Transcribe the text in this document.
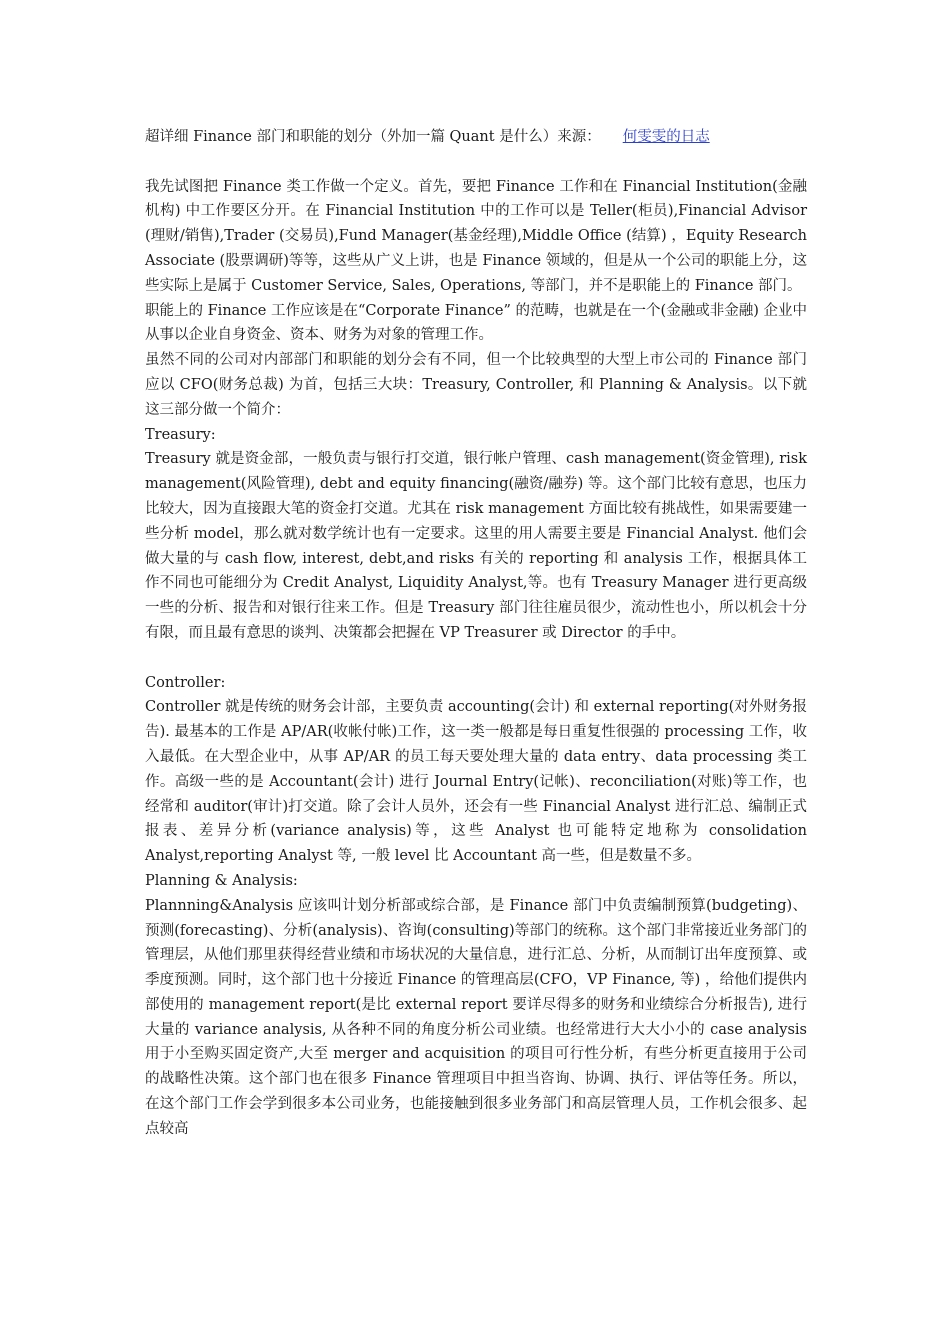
超详细 Finance 部门和职能的划分（外加一篇 Quant 是什么）来源： 何雯雯的日志

我先试图把 Finance 类工作做一个定义。首先，要把 Finance 工作和在 Financial Institution(金融机构) 中工作要区分开。在 Financial Institution 中的工作可以是 Teller(柜员),Financial Advisor (理财/销售),Trader (交易员),Fund Manager(基金经理),Middle Office (结算) ，Equity Research Associate (股票调研)等等，这些从广义上讲，也是 Finance 领域的，但是从一个公司的职能上分，这些实际上是属于 Customer Service, Sales, Operations, 等部门，并不是职能上的 Finance 部门。

职能上的 Finance 工作应该是在“Corporate Finance” 的范畴，也就是在一个(金融或非金融) 企业中从事以企业自身资金、资本、财务为对象的管理工作。

虽然不同的公司对内部部门和职能的划分会有不同，但一个比较典型的大型上市公司的 Finance 部门应以 CFO(财务总裁) 为首，包括三大块：Treasury, Controller, 和 Planning & Analysis。以下就这三部分做一个简介：

Treasury:

Treasury 就是资金部，一般负责与银行打交道，银行帐户管理、cash management(资金管理), risk management(风险管理), debt and equity financing(融资/融券) 等。这个部门比较有意思，也压力比较大，因为直接跟大笔的资金打交道。尤其在 risk management 方面比较有挑战性，如果需要建一些分析 model，那么就对数学统计也有一定要求。这里的用人需要主要是 Financial Analyst. 他们会做大量的与 cash flow, interest, debt,and risks 有关的 reporting 和 analysis 工作，根据具体工作不同也可能细分为 Credit Analyst, Liquidity Analyst,等。也有 Treasury Manager 进行更高级一些的分析、报告和对银行往来工作。但是 Treasury 部门往往雇员很少，流动性也小，所以机会十分有限，而且最有意思的谈判、决策都会把握在 VP Treasurer 或 Director 的手中。

Controller:

Controller 就是传统的财务会计部，主要负责 accounting(会计) 和 external reporting(对外财务报告). 最基本的工作是 AP/AR(收帐付帐)工作，这一类一般都是每日重复性很强的 processing 工作，收入最低。在大型企业中，从事 AP/AR 的员工每天要处理大量的 data entry、data processing 类工作。高级一些的是 Accountant(会计) 进行 Journal Entry(记帐)、reconciliation(对账)等工作，也经常和 auditor(审计)打交道。除了会计人员外，还会有一些 Financial Analyst 进行汇总、编制正式报表、差异分析(variance analysis)等，这些 Analyst 也可能特定地称为 consolidation Analyst,reporting Analyst 等, 一般 level 比 Accountant 高一些，但是数量不多。

Planning & Analysis:

Plannning&Analysis 应该叫计划分析部或综合部，是 Finance 部门中负责编制预算(budgeting)、预测(forecasting)、分析(analysis)、咨询(consulting)等部门的统称。这个部门非常接近业务部门的管理层，从他们那里获得经营业绩和市场状况的大量信息，进行汇总、分析，从而制订出年度预算、或季度预测。同时，这个部门也十分接近 Finance 的管理高层(CFO，VP Finance, 等) ，给他们提供内部使用的 management report(是比 external report 要详尽得多的财务和业绩综合分析报告), 进行大量的 variance analysis, 从各种不同的角度分析公司业绩。也经常进行大大小小的 case analysis 用于小至购买固定资产,大至 merger and acquisition 的项目可行性分析，有些分析更直接用于公司的战略性决策。这个部门也在很多 Finance 管理项目中担当咨询、协调、执行、评估等任务。所以，在这个部门工作会学到很多本公司业务，也能接触到很多业务部门和高层管理人员，工作机会很多、起点较高
